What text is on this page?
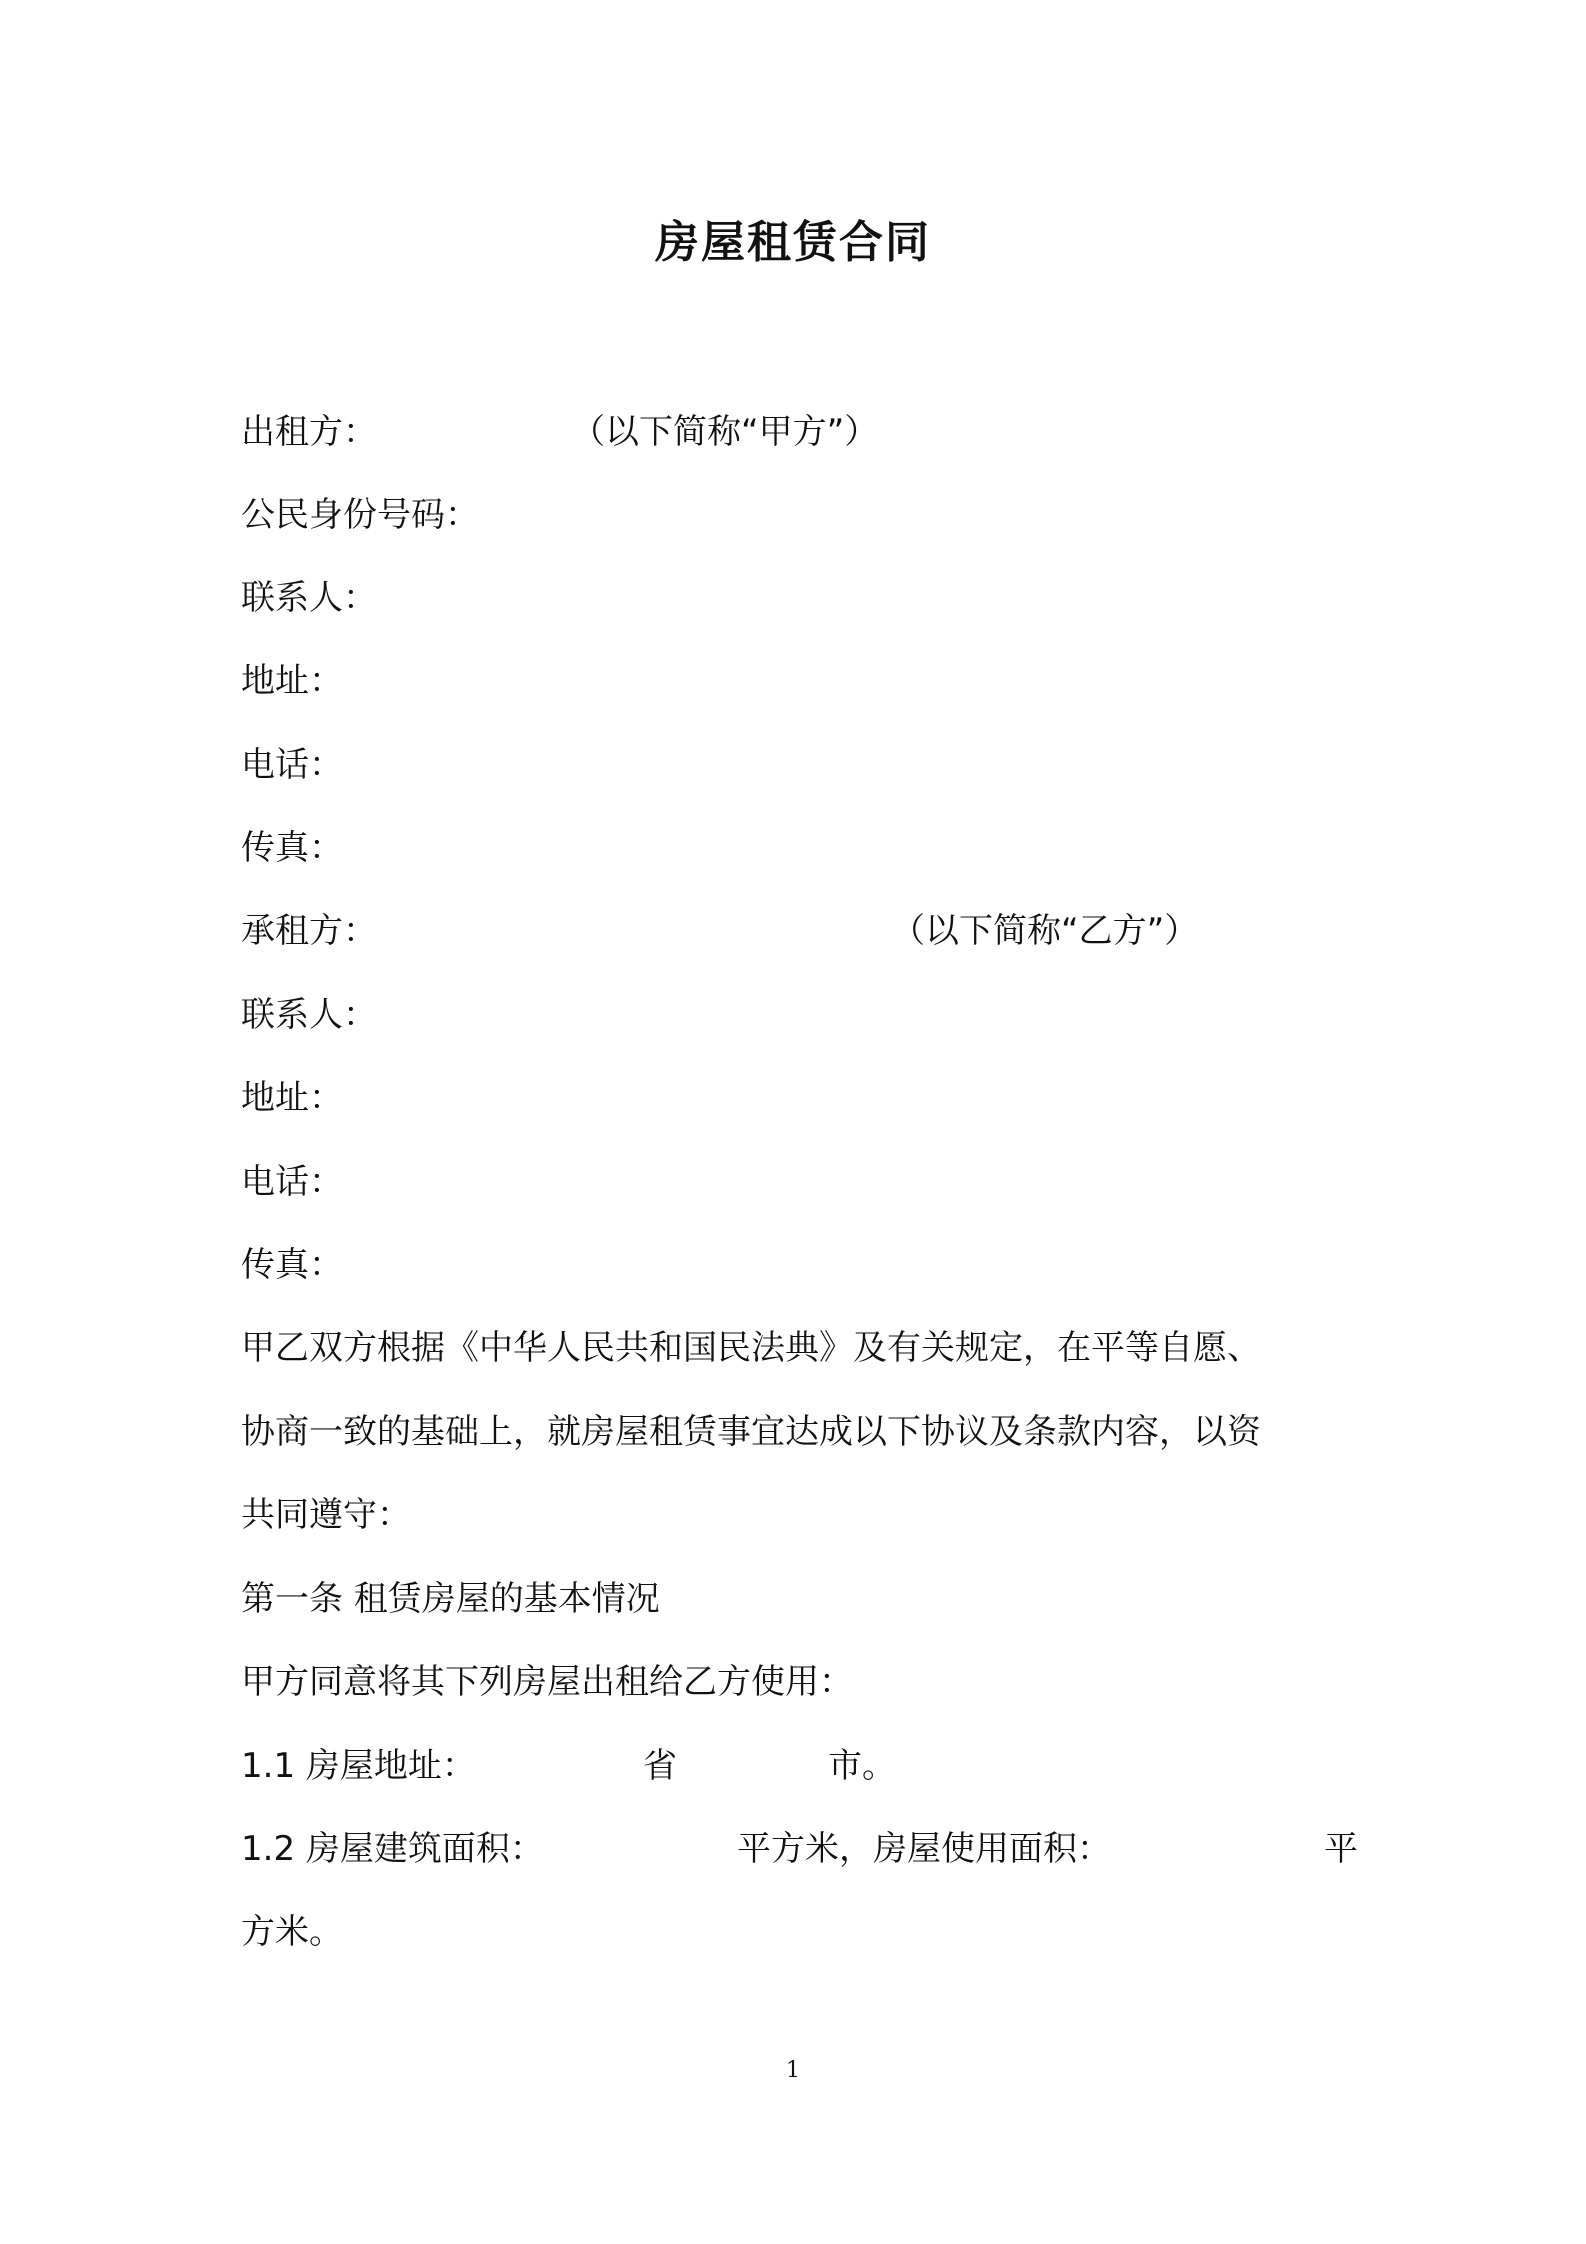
房屋租赁合同
出租方：	（以下简称“甲方”）
公民身份号码：
联系人：
地址：
电话：
传真：
承租方：	（以下简称“乙方”）
联系人：
地址：
电话：
传真：
甲乙双方根据《中华人民共和国民法典》及有关规定，在平等自愿、
协商一致的基础上，就房屋租赁事宜达成以下协议及条款内容，以资
共同遵守：
第一条 租赁房屋的基本情况
甲方同意将其下列房屋出租给乙方使用：
1.1 房屋地址：	省	市。
1.2 房屋建筑面积：	平方米，房屋使用面积：	平
方米。
1
